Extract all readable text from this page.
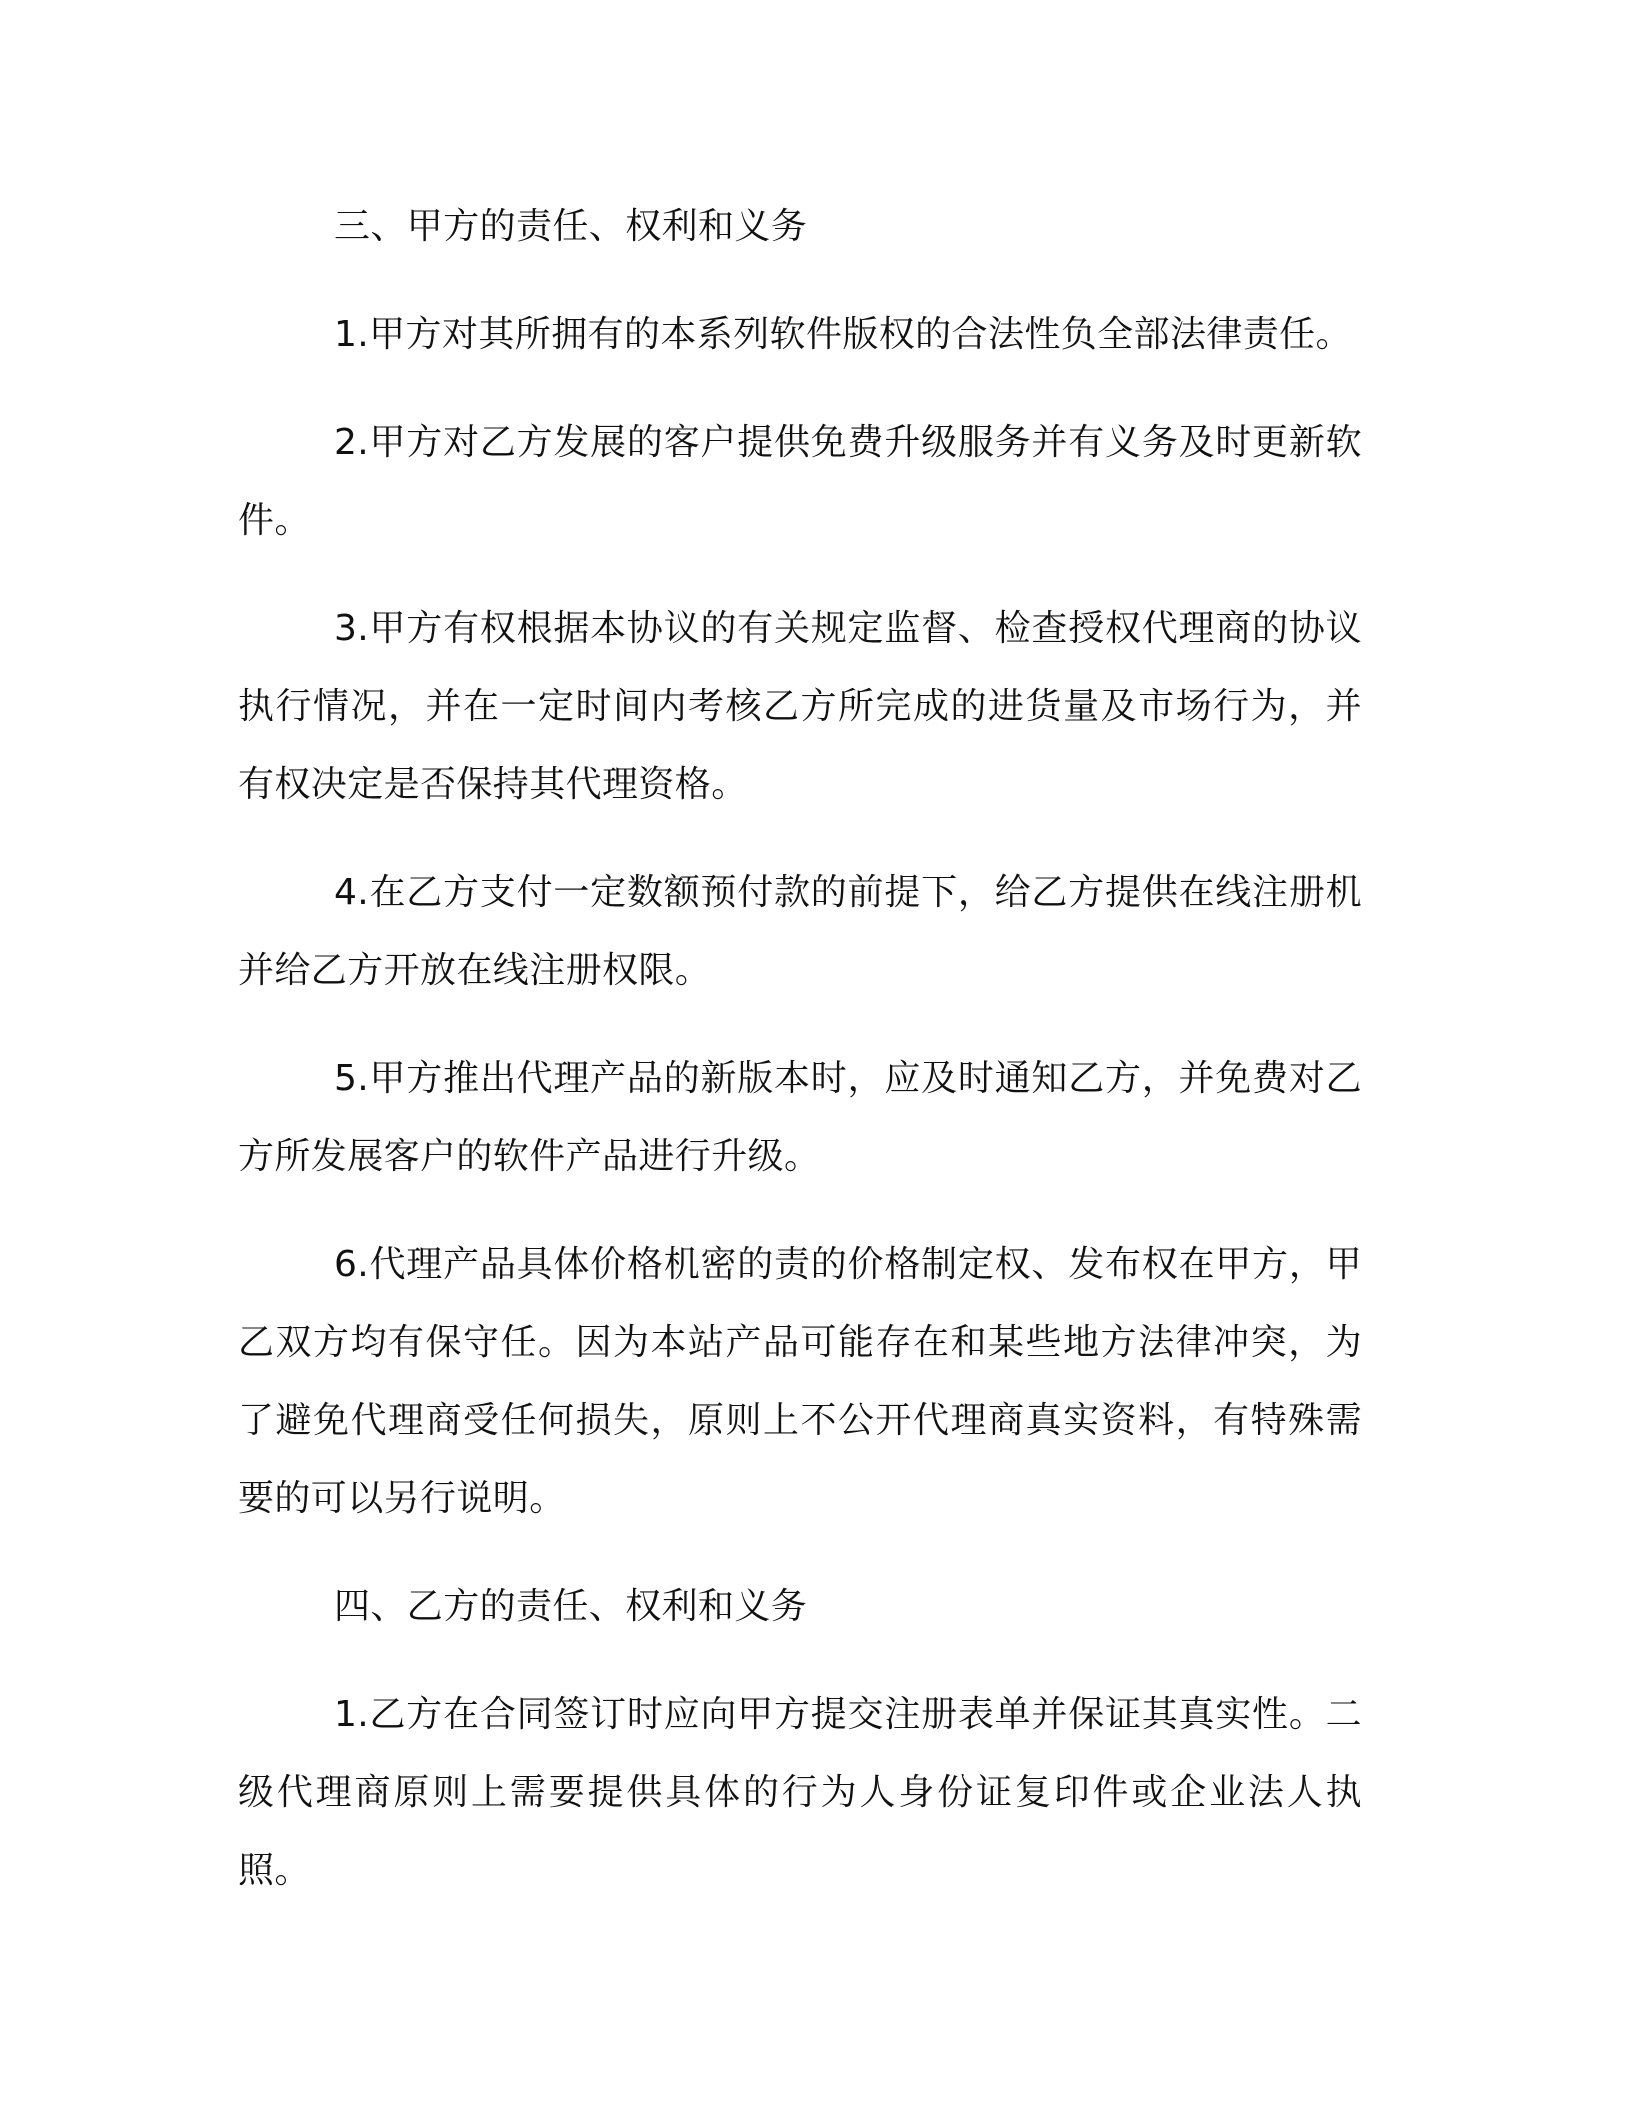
三、甲方的责任、权利和义务

1.甲方对其所拥有的本系列软件版权的合法性负全部法律责任。

2.甲方对乙方发展的客户提供免费升级服务并有义务及时更新软件。

3.甲方有权根据本协议的有关规定监督、检查授权代理商的协议执行情况，并在一定时间内考核乙方所完成的进货量及市场行为，并有权决定是否保持其代理资格。

4.在乙方支付一定数额预付款的前提下，给乙方提供在线注册机并给乙方开放在线注册权限。

5.甲方推出代理产品的新版本时，应及时通知乙方，并免费对乙方所发展客户的软件产品进行升级。

6.代理产品具体价格机密的责的价格制定权、发布权在甲方，甲乙双方均有保守任。因为本站产品可能存在和某些地方法律冲突，为了避免代理商受任何损失，原则上不公开代理商真实资料，有特殊需要的可以另行说明。

四、乙方的责任、权利和义务

1.乙方在合同签订时应向甲方提交注册表单并保证其真实性。二级代理商原则上需要提供具体的行为人身份证复印件或企业法人执照。
